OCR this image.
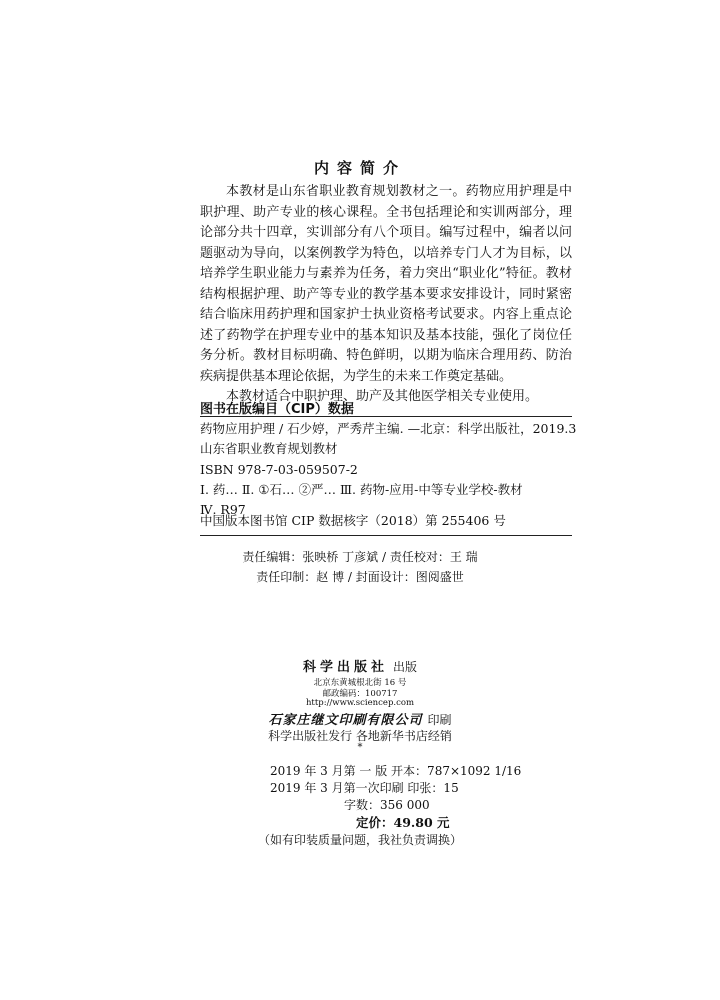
内容简介

本教材是山东省职业教育规划教材之一。药物应用护理是中职护理、助产专业的核心课程。全书包括理论和实训两部分，理论部分共十四章，实训部分有八个项目。编写过程中，编者以问题驱动为导向，以案例教学为特色，以培养专门人才为目标，以培养学生职业能力与素养为任务，着力突出“职业化”特征。教材结构根据护理、助产等专业的教学基本要求安排设计，同时紧密结合临床用药护理和国家护士执业资格考试要求。内容上重点论述了药物学在护理专业中的基本知识及基本技能，强化了岗位任务分析。教材目标明确、特色鲜明，以期为临床合理用药、防治疾病提供基本理论依据，为学生的未来工作奠定基础。

本教材适合中职护理、助产及其他医学相关专业使用。

图书在版编目（CIP）数据
药物应用护理 / 石少婷，严秀芹主编. —北京：科学出版社，2019.3
山东省职业教育规划教材
ISBN 978-7-03-059507-2
Ⅰ. 药… Ⅱ. ①石… ②严… Ⅲ. 药物-应用-中等专业学校-教材
Ⅳ. R97
中国版本图书馆 CIP 数据核字（2018）第 255406 号
责任编辑：张映桥 丁彦斌 / 责任校对：王 瑞
责任印制：赵 博 / 封面设计：图阅盛世
科学出版社 出版
北京东黄城根北街 16 号
邮政编码：100717
http://www.sciencep.com
石家庄继文印刷有限公司 印刷
科学出版社发行 各地新华书店经销
*
2019 年 3 月第 一 版 开本：787×1092 1/16
2019 年 3 月第一次印刷 印张：15
字数：356 000
定价：49.80 元
（如有印装质量问题，我社负责调换）
